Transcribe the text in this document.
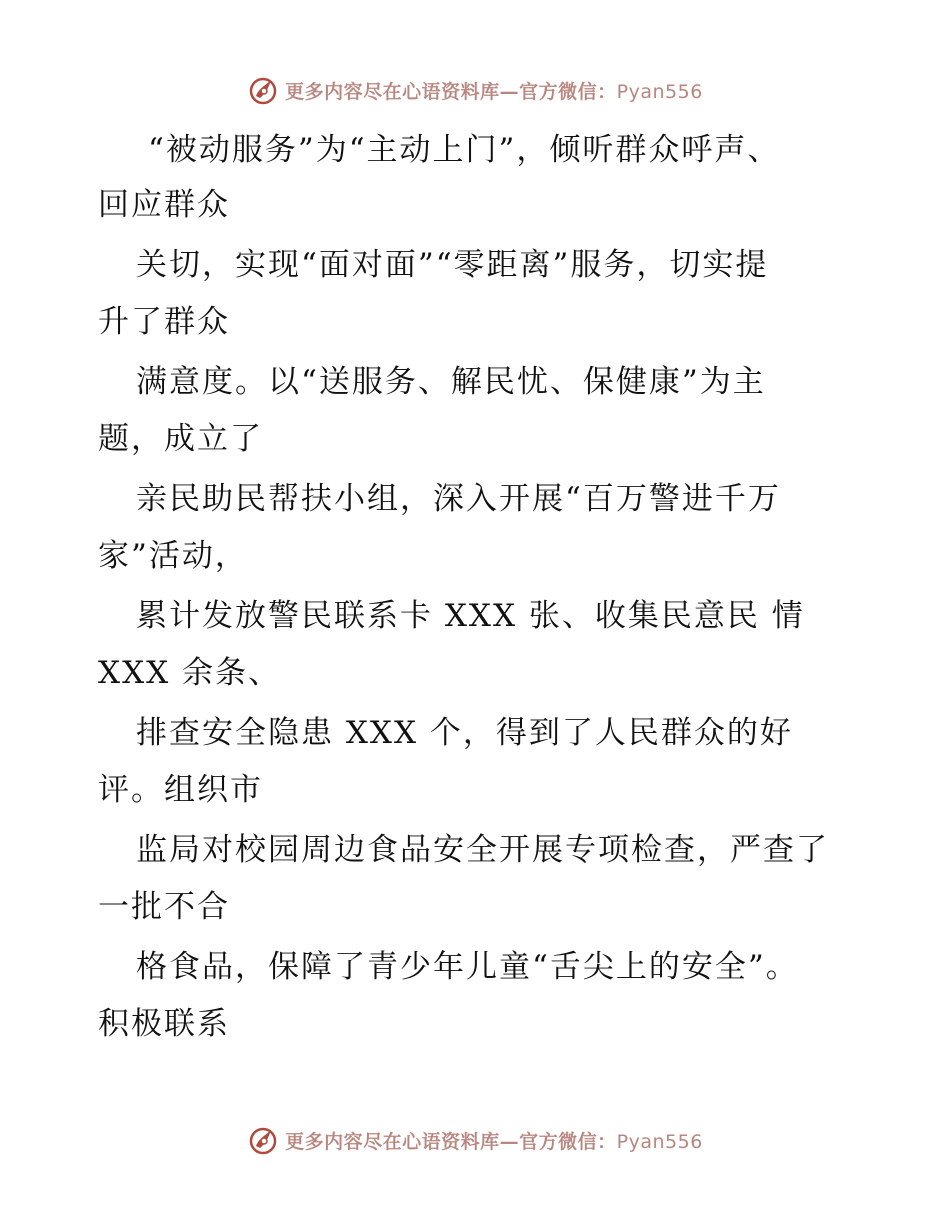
更多内容尽在心语资料库—官方微信：Pyan556
“被动服务”为“主动上门”，倾听群众呼声、
回应群众
关切，实现“面对面”“零距离”服务，切实提
升了群众
满意度。以“送服务、解民忧、保健康”为主
题，成立了
亲民助民帮扶小组，深入开展“百万警进千万
家”活动，
累计发放警民联系卡 XXX 张、收集民意民 情
XXX 余条、
排查安全隐患 XXX 个，得到了人民群众的好
评。组织市
监局对校园周边食品安全开展专项检查，严查了
一批不合
格食品，保障了青少年儿童“舌尖上的安全”。
积极联系
更多内容尽在心语资料库—官方微信：Pyan556
